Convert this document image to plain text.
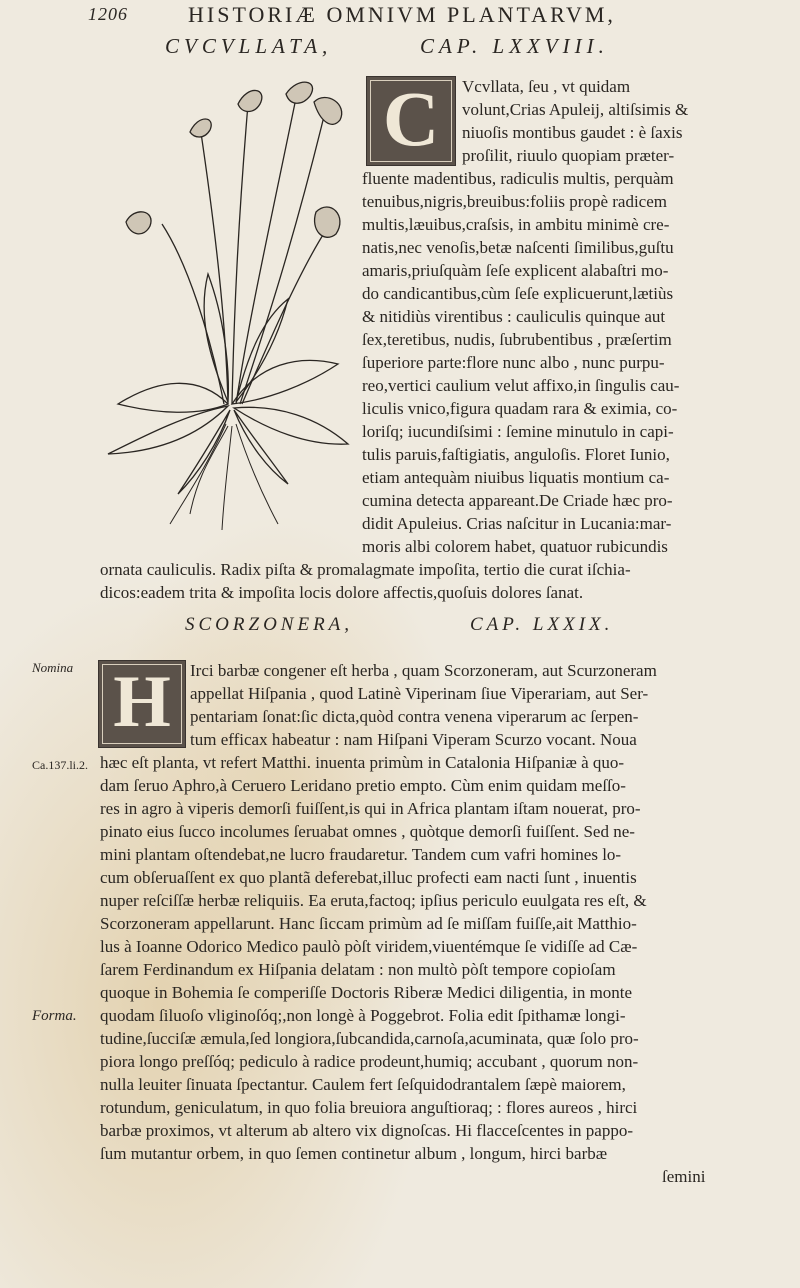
1206	HISTORIÆ OMNIVM PLANTARVM,
CVCVLLATA,	CAP. LXXVIII.
C	Vcvllata, ſeu , vt quidam
volunt,Crias Apuleij, altiſsimis &
niuoſis montibus gaudet : è ſaxis
proſilit, riuulo quopiam præter-
fluente madentibus, radiculis multis, perquàm
tenuibus,nigris,breuibus:foliis propè radicem
multis,læuibus,craſsis, in ambitu minimè cre-
natis,nec venoſis,betæ naſcenti ſimilibus,guſtu
amaris,priuſquàm ſeſe explicent alabaſtri mo-
do candicantibus,cùm ſeſe explicuerunt,lætiùs
& nitidiùs virentibus : cauliculis quinque aut
ſex,teretibus, nudis, ſubrubentibus , præſertim
ſuperiore parte:flore nunc albo , nunc purpu-
reo,vertici caulium velut affixo,in ſingulis cau-
liculis vnico,figura quadam rara & eximia, co-
loriſq; iucundiſsimi : ſemine minutulo in capi-
tulis paruis,faſtigiatis, anguloſis. Floret Iunio,
etiam antequàm niuibus liquatis montium ca-
cumina detecta appareant.De Criade hæc pro-
didit Apuleius. Crias naſcitur in Lucania:mar-
moris albi colorem habet, quatuor rubicundis
ornata cauliculis. Radix piſta & promalagmate impoſita, tertio die curat iſchia-
dicos:eadem trita & impoſita locis dolore affectis,quoſuis dolores ſanat.
SCORZONERA,	CAP. LXXIX.
Nomina
Ca.137.li.2.
Forma.
H	Irci barbæ congener eſt herba , quam Scorzoneram, aut Scurzoneram
appellat Hiſpania , quod Latinè Viperinam ſiue Viperariam, aut Ser-
pentariam ſonat:ſic dicta,quòd contra venena viperarum ac ſerpen-
tum efficax habeatur : nam Hiſpani Viperam Scurzo vocant. Noua
hæc eſt planta, vt refert Matthi. inuenta primùm in Catalonia Hiſpaniæ à quo-
dam ſeruo Aphro,à Ceruero Leridano pretio empto. Cùm enim quidam meſſo-
res in agro à viperis demorſi fuiſſent,is qui in Africa plantam iſtam nouerat, pro-
pinato eius ſucco incolumes ſeruabat omnes , quòtque demorſi fuiſſent. Sed ne-
mini plantam oſtendebat,ne lucro fraudaretur. Tandem cum vafri homines lo-
cum obſeruaſſent ex quo plantã deferebat,illuc profecti eam nacti ſunt , inuentis
nuper reſciſſæ herbæ reliquiis. Ea eruta,factoq; ipſius periculo euulgata res eſt, &
Scorzoneram appellarunt. Hanc ſiccam primùm ad ſe miſſam fuiſſe,ait Matthio-
lus à Ioanne Odorico Medico paulò pòſt viridem,viuentémque ſe vidiſſe ad Cæ-
ſarem Ferdinandum ex Hiſpania delatam : non multò pòſt tempore copioſam
quoque in Bohemia ſe comperiſſe Doctoris Riberæ Medici diligentia, in monte
quodam ſiluoſo vliginoſóq;,non longè à Poggebrot. Folia edit ſpithamæ longi-
tudine,ſucciſæ æmula,ſed longiora,ſubcandida,carnoſa,acuminata, quæ ſolo pro-
piora longo preſſóq; pediculo à radice prodeunt,humiq; accubant , quorum non-
nulla leuiter ſinuata ſpectantur. Caulem fert ſeſquidodrantalem ſæpè maiorem,
rotundum, geniculatum, in quo folia breuiora anguſtioraq; : flores aureos , hirci
barbæ proximos, vt alterum ab altero vix dignoſcas. Hi flacceſcentes in pappo-
ſum mutantur orbem, in quo ſemen continetur album , longum, hirci barbæ
ſemini
